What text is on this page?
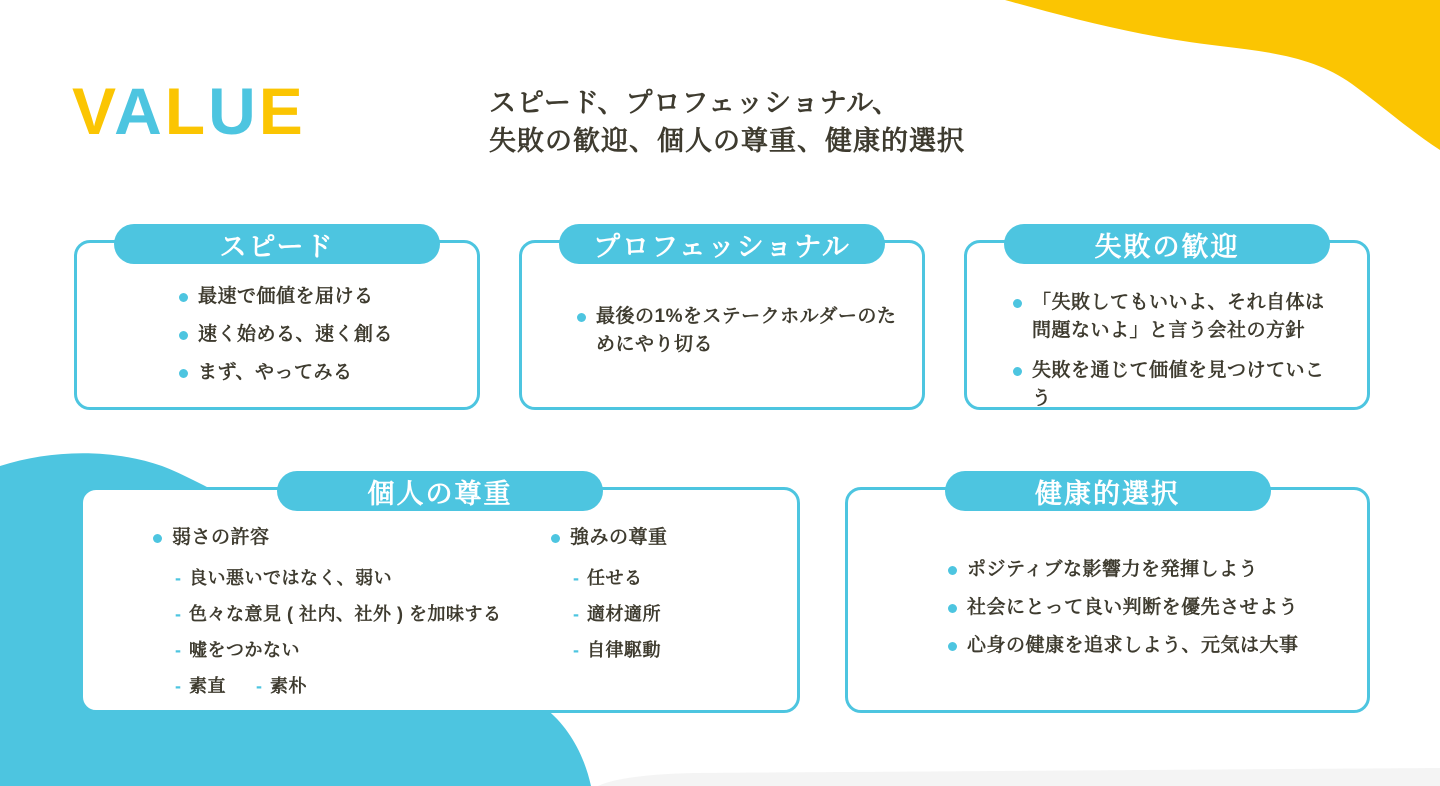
VALUE	スピード、プロフェッショナル、
失敗の歓迎、個人の尊重、健康的選択
スピード
最速で価値を届ける
速く始める、速く創る
まず、やってみる
プロフェッショナル
最後の1%をステークホルダーのためにやり切る
失敗の歓迎
「失敗してもいいよ、それ自体は問題ないよ」と言う会社の方針
失敗を通じて価値を見つけていこう
個人の尊重
弱さの許容
- 良い悪いではなく、弱い
- 色々な意見 ( 社内、社外 ) を加味する
- 嘘をつかない
- 素直 - 素朴
強みの尊重
- 任せる
- 適材適所
- 自律駆動
健康的選択
ポジティブな影響力を発揮しよう
社会にとって良い判断を優先させよう
心身の健康を追求しよう、元気は大事
